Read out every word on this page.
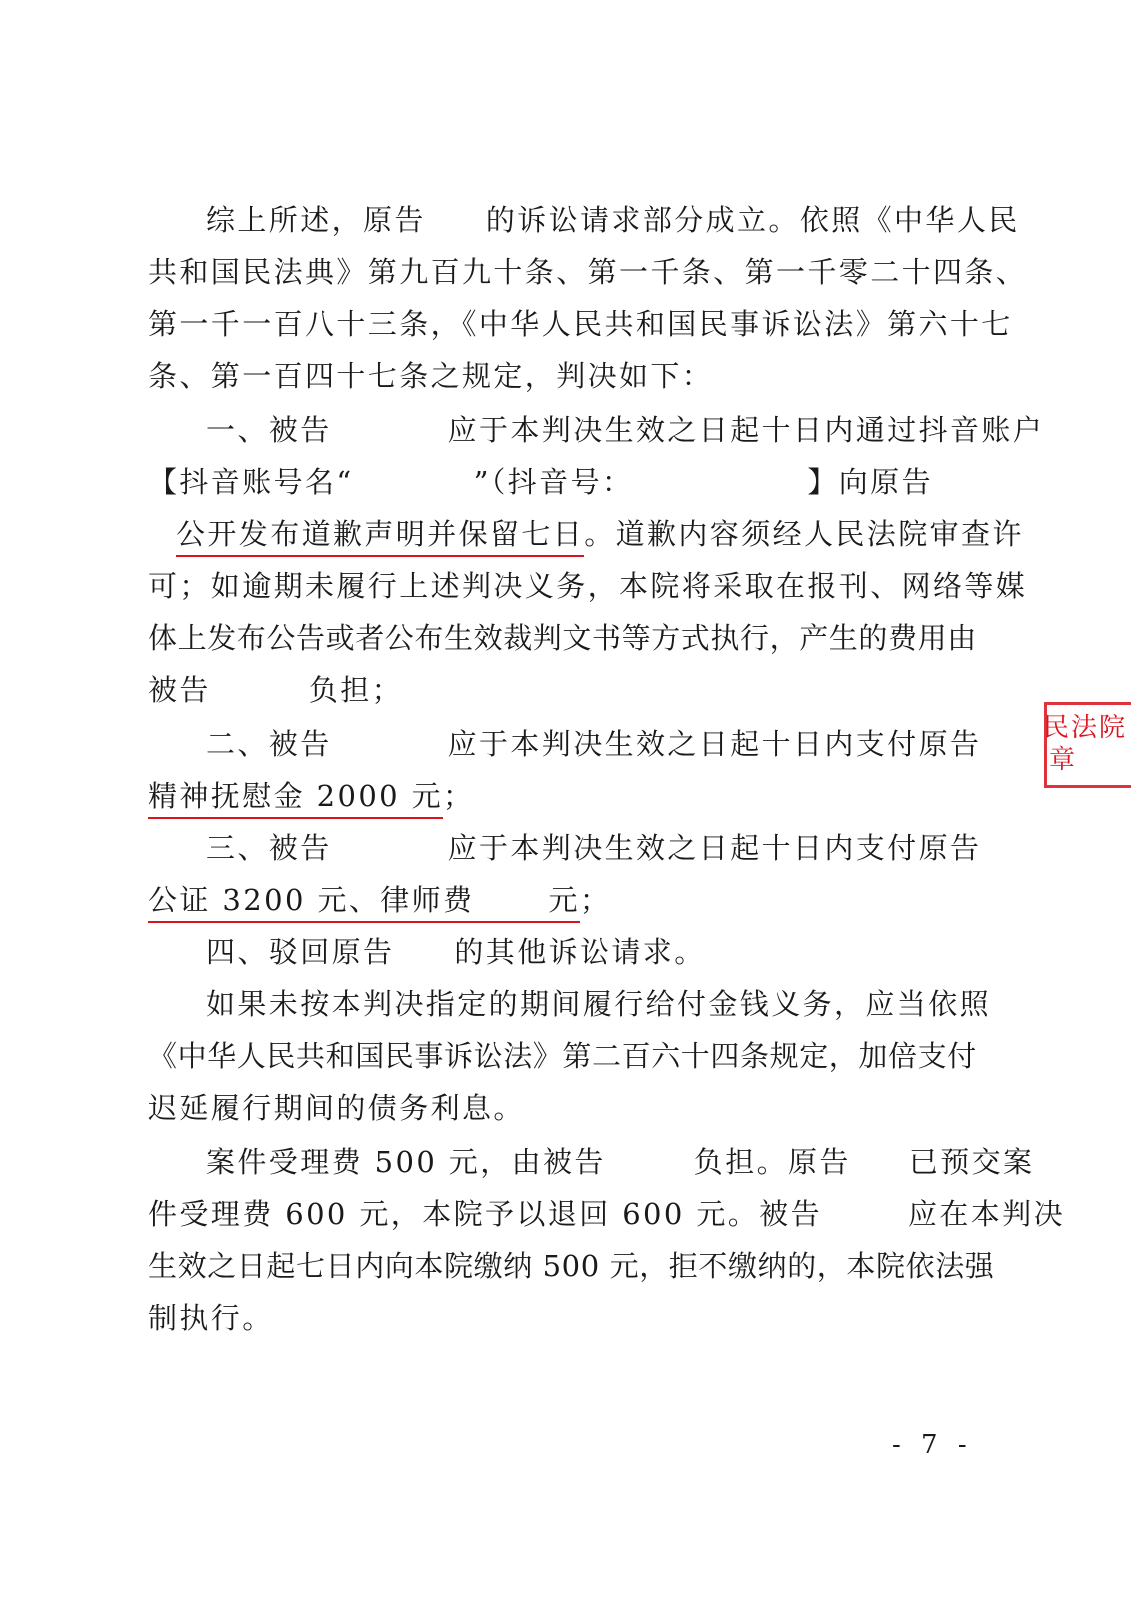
综上所述，原告 的诉讼请求部分成立。依照《中华人民
共和国民法典》第九百九十条、第一千条、第一千零二十四条、
第一千一百八十三条，《中华人民共和国民事诉讼法》第六十七
条、第一百四十七条之规定，判决如下：
一、被告	应于本判决生效之日起十日内通过抖音账户
【抖音账号名“	”（抖音号：	】向原告
公开发布道歉声明并保留七日。道歉内容须经人民法院审查许
可；如逾期未履行上述判决义务，本院将采取在报刊、网络等媒
体上发布公告或者公布生效裁判文书等方式执行，产生的费用由
被告	负担；
二、被告	应于本判决生效之日起十日内支付原告
精神抚慰金 2000 元；
三、被告	应于本判决生效之日起十日内支付原告
公证 3200 元、律师费	元；
四、驳回原告 的其他诉讼请求。
如果未按本判决指定的期间履行给付金钱义务，应当依照
《中华人民共和国民事诉讼法》第二百六十四条规定，加倍支付
迟延履行期间的债务利息。
案件受理费 500 元，由被告	负担。原告 已预交案
件受理费 600 元，本院予以退回 600 元。被告	应在本判决
生效之日起七日内向本院缴纳 500 元，拒不缴纳的，本院依法强
制执行。
民法院
章
- 7 -
